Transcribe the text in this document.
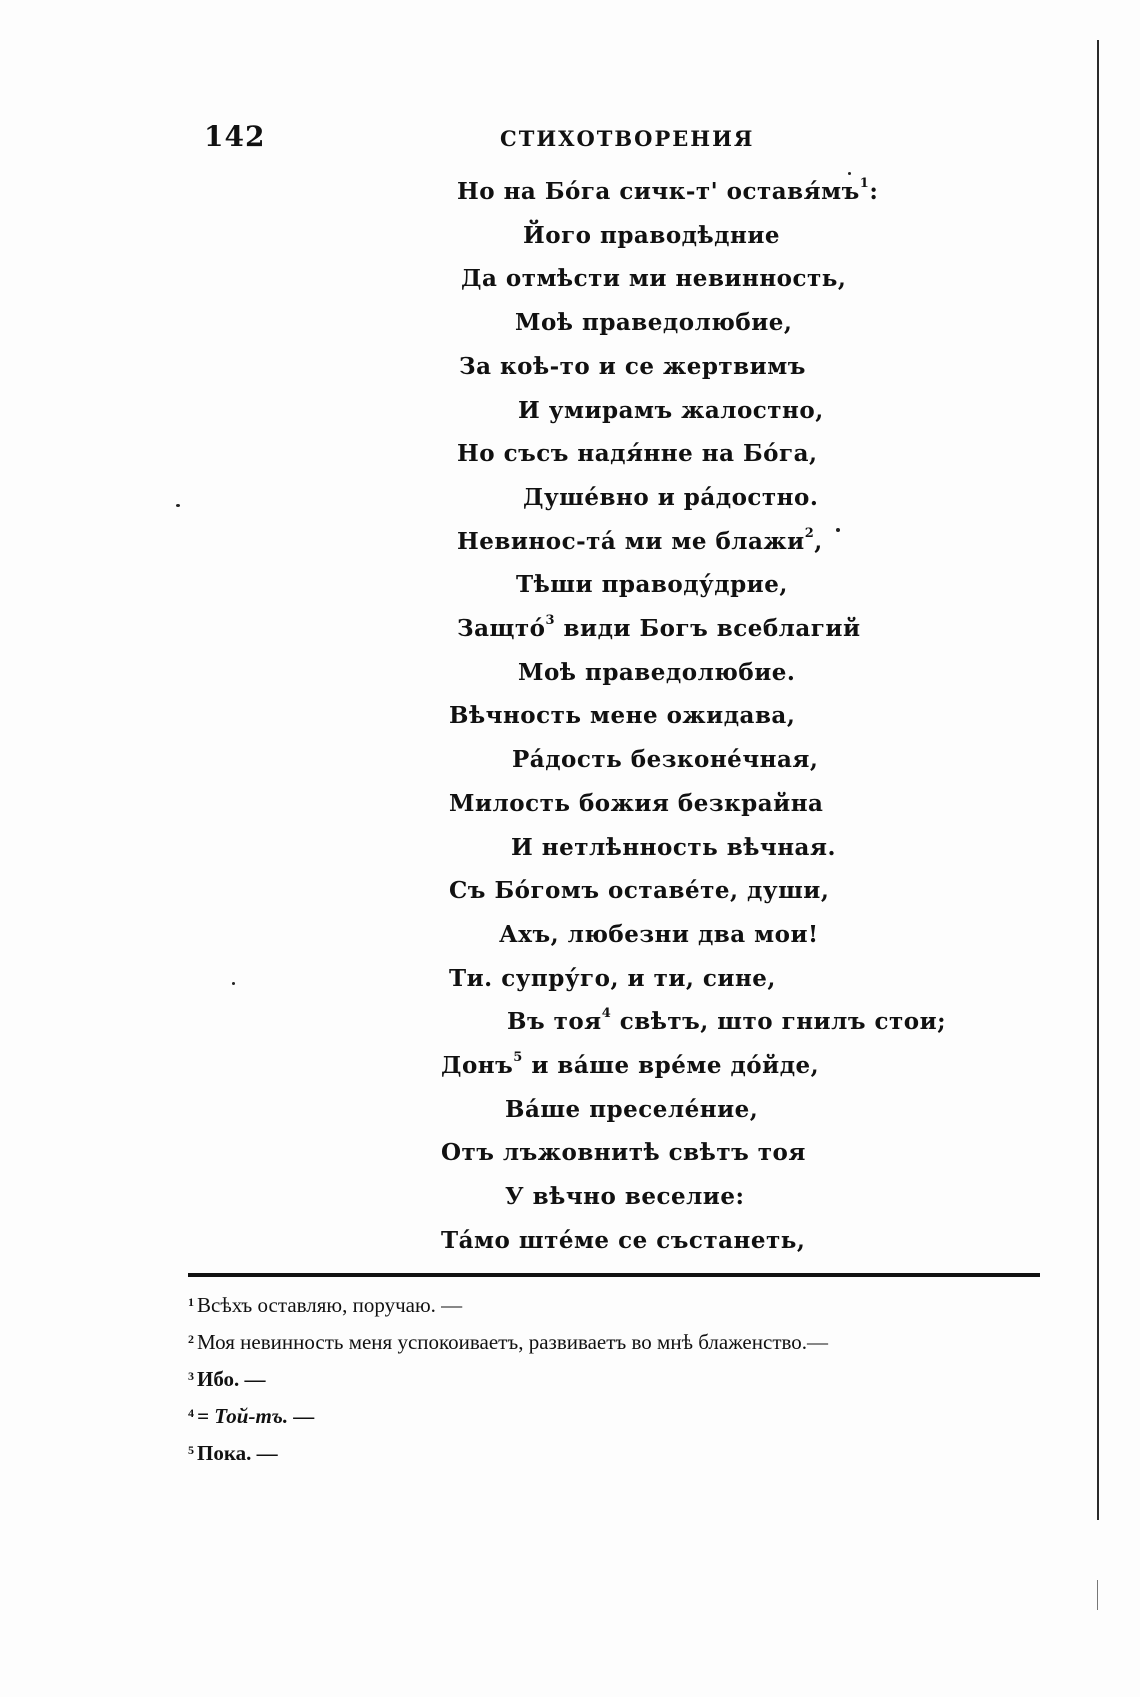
142	СТИХОТВОРЕНИЯ
Но на Бо́га сичк-т' $оставя́мъ^1$:
Його праводѣдние
Да отмѣсти ми невинность,
Моѣ праведолюбие,
За коѣ-то и се жертвимъ
И умирамъ жалостно,
Но съсъ надя́нне на Бо́га,
Душе́вно и ра́достно.
Невинос-та́ ми ме блажи$^2$,
Тѣши праводу́дрие,
Защто́$^3$ види Богъ всеблагий
Моѣ праведолюбие.
Вѣчность мене ожидава,
Ра́дость безконе́чная,
Милость божия безкрайна
И нетлѣнность вѣчная.
Съ Бо́гомъ оставе́те, души,
Ахъ, любезни два мои!
Ти. супру́го, и ти, сине,
Въ тоя$^4$ свѣтъ, што гнилъ стои;
Донъ$^5$ и ва́ше вре́ме до́йде,
Ва́ше преселе́ние,
Отъ лъжовнитѣ свѣтъ тоя
У вѣчно веселие:
Та́мо ште́ме се състанеть,
$^1$ Всѣхъ оставляю, поручаю. —
$^2$ Моя невинность меня успокоиваетъ, развиваетъ во мнѣ блаженство.—
$^3$ Ибо. —
$^4$ = Той-тъ. —
$^5$ Пока. —
